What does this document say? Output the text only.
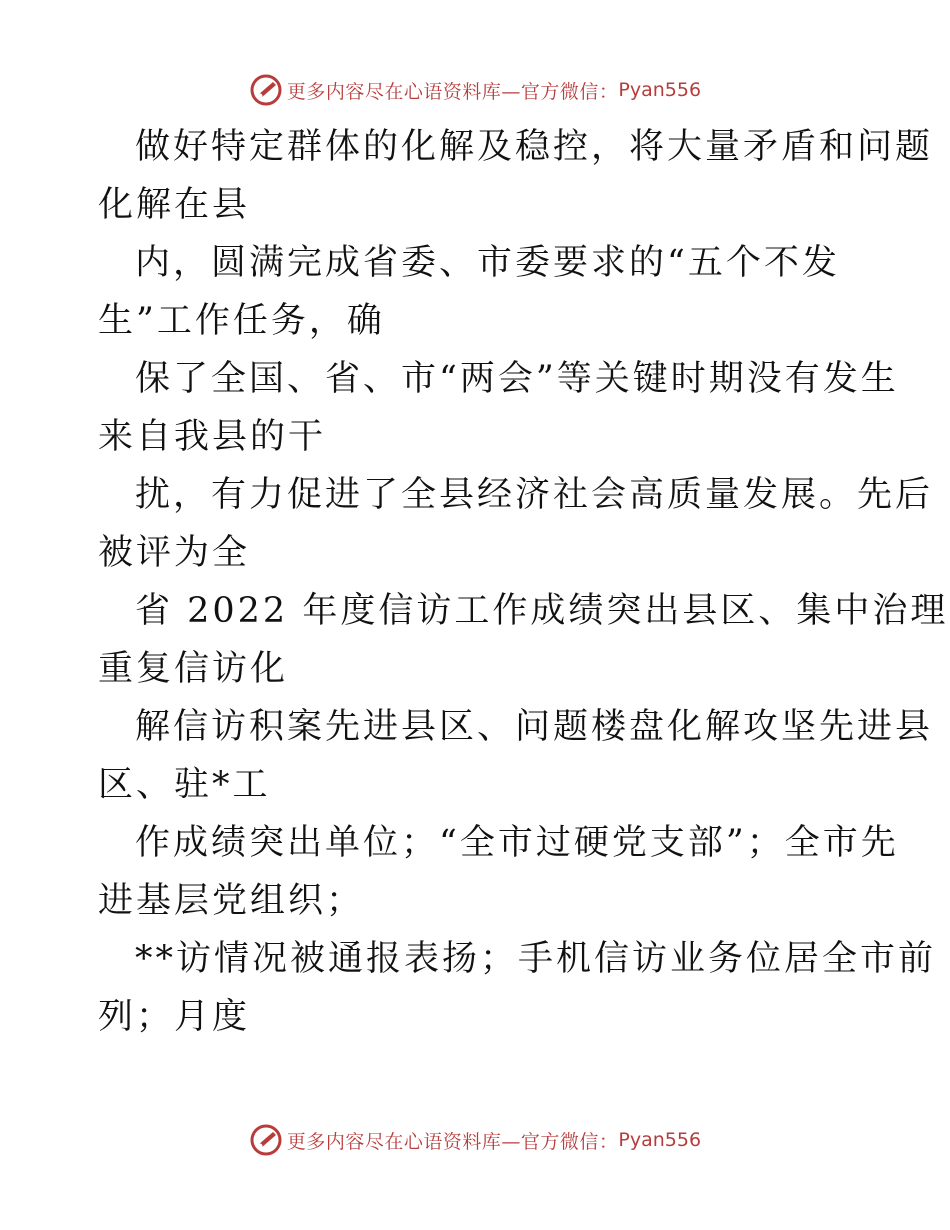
更多内容尽在心语资料库—官方微信： Pyan556
做好特定群体的化解及稳控，将大量矛盾和问题
化解在县
内，圆满完成省委、市委要求的“五个不发
生”工作任务，确
保了全国、省、市“两会”等关键时期没有发生
来自我县的干
扰，有力促进了全县经济社会高质量发展。先后
被评为全
省 2022 年度信访工作成绩突出县区、集中治理
重复信访化
解信访积案先进县区、问题楼盘化解攻坚先进县
区、驻*工
作成绩突出单位；“全市过硬党支部”；全市先
进基层党组织；
**访情况被通报表扬；手机信访业务位居全市前
列；月度
更多内容尽在心语资料库—官方微信： Pyan556
